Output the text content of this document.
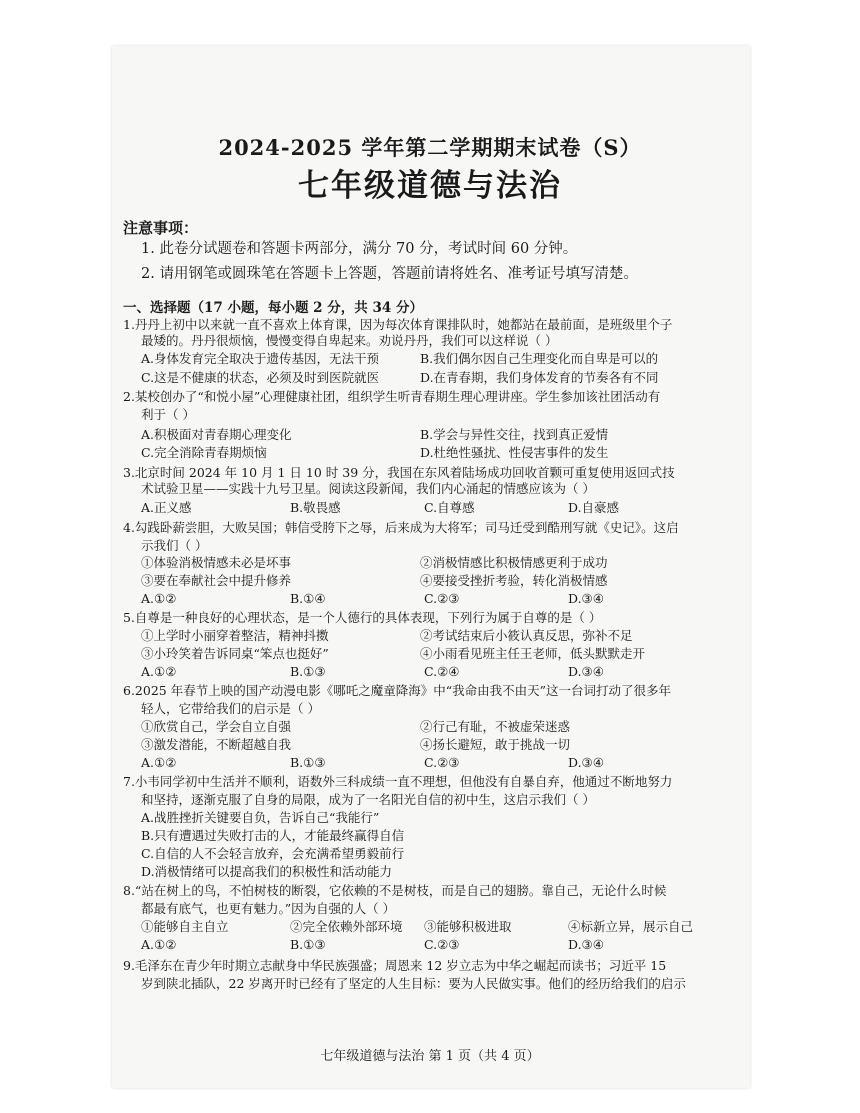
2024-2025 学年第二学期期末试卷（S）
七年级道德与法治
注意事项：
1. 此卷分试题卷和答题卡两部分，满分 70 分，考试时间 60 分钟。
2. 请用钢笔或圆珠笔在答题卡上答题，答题前请将姓名、准考证号填写清楚。
一、选择题（17 小题，每小题 2 分，共 34 分）
1.丹丹上初中以来就一直不喜欢上体育课，因为每次体育课排队时，她都站在最前面，是班级里个子
最矮的。丹丹很烦恼，慢慢变得自卑起来。劝说丹丹，我们可以这样说（ ）
A.身体发育完全取决于遗传基因，无法干预	B.我们偶尔因自己生理变化而自卑是可以的
C.这是不健康的状态，必须及时到医院就医	D.在青春期，我们身体发育的节奏各有不同
2.某校创办了“和悦小屋”心理健康社团，组织学生听青春期生理心理讲座。学生参加该社团活动有
利于（ ）
A.积极面对青春期心理变化	B.学会与异性交往，找到真正爱情
C.完全消除青春期烦恼	D.杜绝性骚扰、性侵害事件的发生
3.北京时间 2024 年 10 月 1 日 10 时 39 分，我国在东风着陆场成功回收首颗可重复使用返回式技
术试验卫星——实践十九号卫星。阅读这段新闻，我们内心涌起的情感应该为（ ）
A.正义感	B.敬畏感	C.自尊感	D.自豪感
4.勾践卧薪尝胆，大败吴国；韩信受胯下之辱，后来成为大将军；司马迁受到酷刑写就《史记》。这启
示我们（ ）
①体验消极情感未必是坏事	②消极情感比积极情感更利于成功
③要在奉献社会中提升修养	④要接受挫折考验，转化消极情感
A.①②	B.①④	C.②③	D.③④
5.自尊是一种良好的心理状态，是一个人德行的具体表现，下列行为属于自尊的是（ ）
①上学时小丽穿着整洁，精神抖擞	②考试结束后小筱认真反思，弥补不足
③小玲笑着告诉同桌“笨点也挺好”	④小雨看见班主任王老师，低头默默走开
A.①②	B.①③	C.②④	D.③④
6.2025 年春节上映的国产动漫电影《哪吒之魔童降海》中“我命由我不由天”这一台词打动了很多年
轻人，它带给我们的启示是（ ）
①欣赏自己，学会自立自强	②行己有耻，不被虚荣迷惑
③激发潜能，不断超越自我	④扬长避短，敢于挑战一切
A.①②	B.①③	C.②③	D.③④
7.小韦同学初中生活并不顺利，语数外三科成绩一直不理想，但他没有自暴自弃，他通过不断地努力
和坚持，逐渐克服了自身的局限，成为了一名阳光自信的初中生，这启示我们（ ）
A.战胜挫折关键要自负，告诉自己“我能行”
B.只有遭遇过失败打击的人，才能最终赢得自信
C.自信的人不会轻言放弃，会充满希望勇毅前行
D.消极情绪可以提高我们的积极性和活动能力
8.“站在树上的鸟，不怕树枝的断裂，它依赖的不是树枝，而是自己的翅膀。靠自己，无论什么时候
都最有底气，也更有魅力。”因为自强的人（ ）
①能够自主自立	②完全依赖外部环境 ③能够积极进取	④标新立异，展示自己
A.①②	B.①③	C.②③	D.③④
9.毛泽东在青少年时期立志献身中华民族强盛；周恩来 12 岁立志为中华之崛起而读书；习近平 15
岁到陕北插队，22 岁离开时已经有了坚定的人生目标：要为人民做实事。他们的经历给我们的启示
七年级道德与法治 第 1 页（共 4 页）
